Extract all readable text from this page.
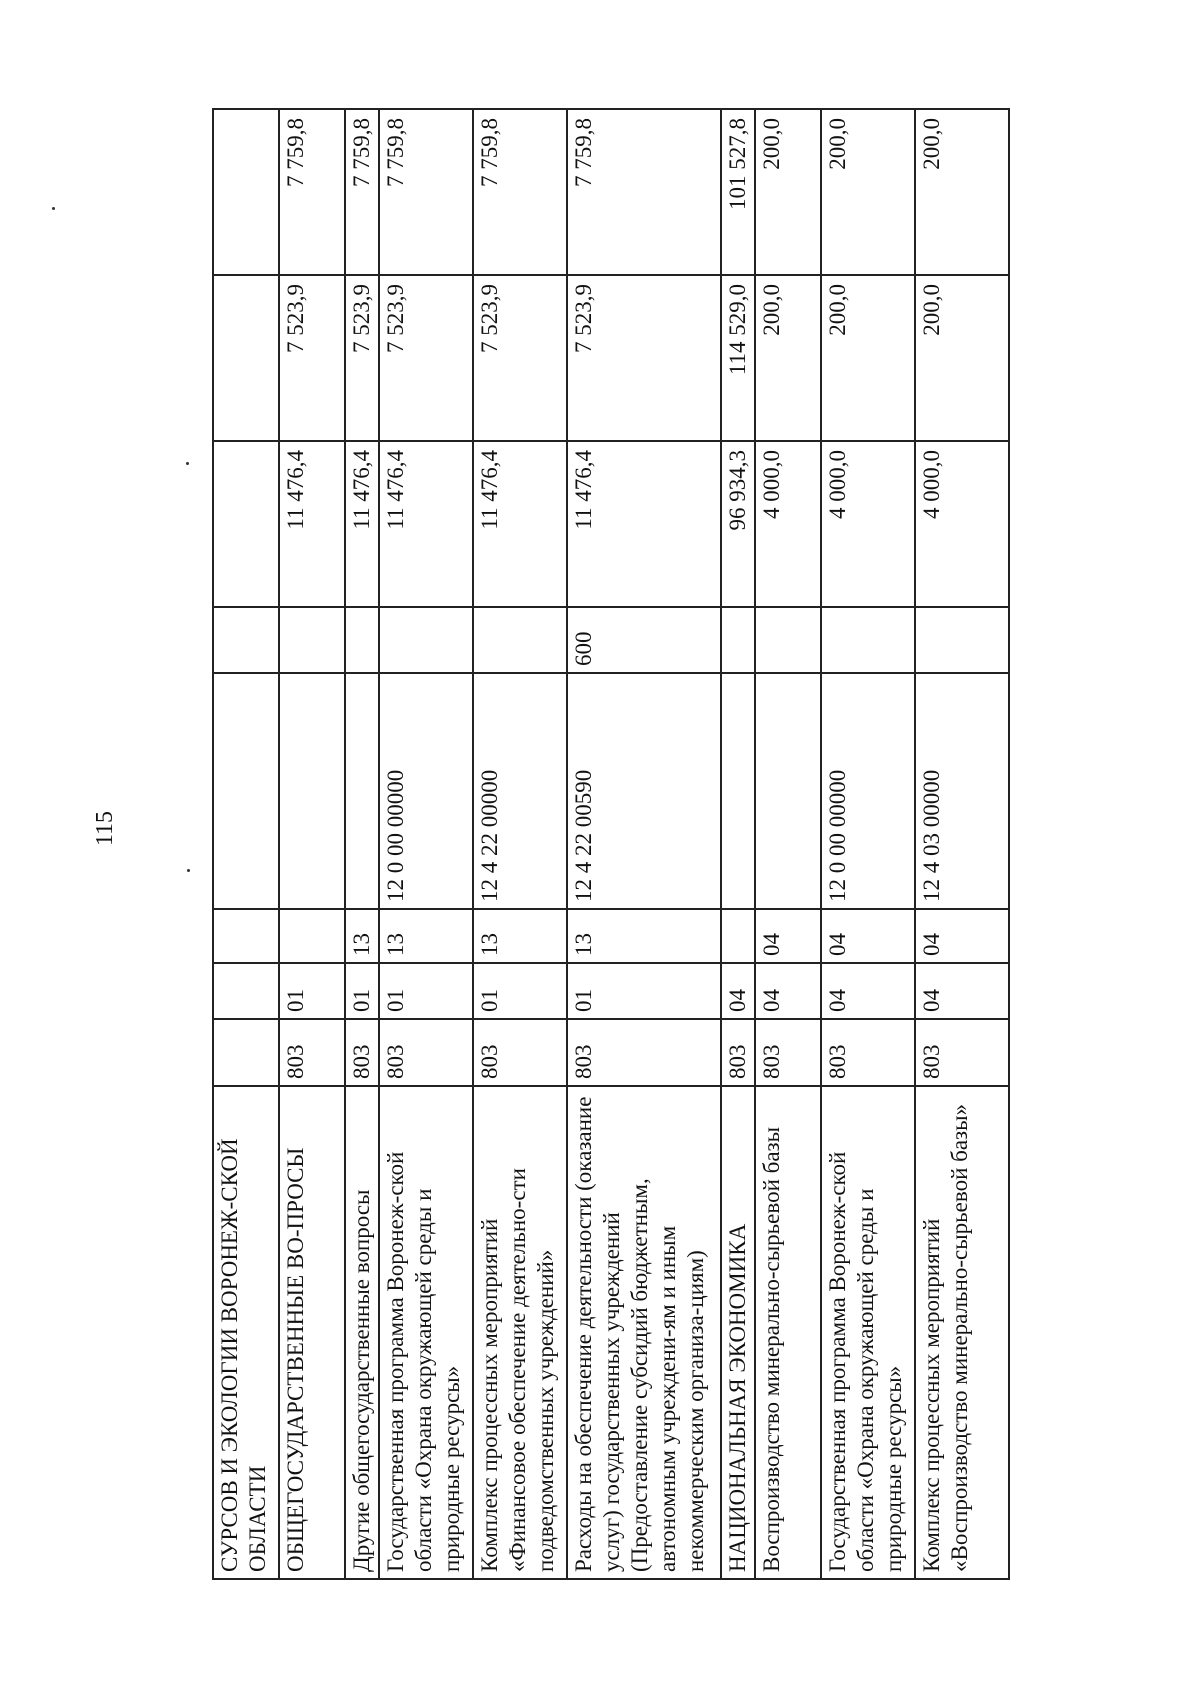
115
СУРСОВ И ЭКОЛОГИИ ВОРОНЕЖ-СКОЙ ОБЛАСТИ								
ОБЩЕГОСУДАРСТВЕННЫЕ ВО-ПРОСЫ	803	01				11 476,4	7 523,9	7 759,8
Другие общегосударственные вопросы	803	01	13			11 476,4	7 523,9	7 759,8
Государственная программа Воронеж-ской области «Охрана окружающей среды и природные ресурсы»	803	01	13	12 0 00 00000		11 476,4	7 523,9	7 759,8
Комплекс процессных мероприятий «Финансовое обеспечение деятельно-сти подведомственных учреждений»	803	01	13	12 4 22 00000		11 476,4	7 523,9	7 759,8
Расходы на обеспечение деятельности (оказание услуг) государственных учреждений (Предоставление субсидий бюджетным, автономным учреждени-ям и иным некоммерческим организа-циям)	803	01	13	12 4 22 00590	600	11 476,4	7 523,9	7 759,8
НАЦИОНАЛЬНАЯ ЭКОНОМИКА	803	04				96 934,3	114 529,0	101 527,8
Воспроизводство минерально-сырьевой базы	803	04	04			4 000,0	200,0	200,0
Государственная программа Воронеж-ской области «Охрана окружающей среды и природные ресурсы»	803	04	04	12 0 00 00000		4 000,0	200,0	200,0
Комплекс процессных мероприятий «Воспроизводство минерально-сырьевой базы»	803	04	04	12 4 03 00000		4 000,0	200,0	200,0
